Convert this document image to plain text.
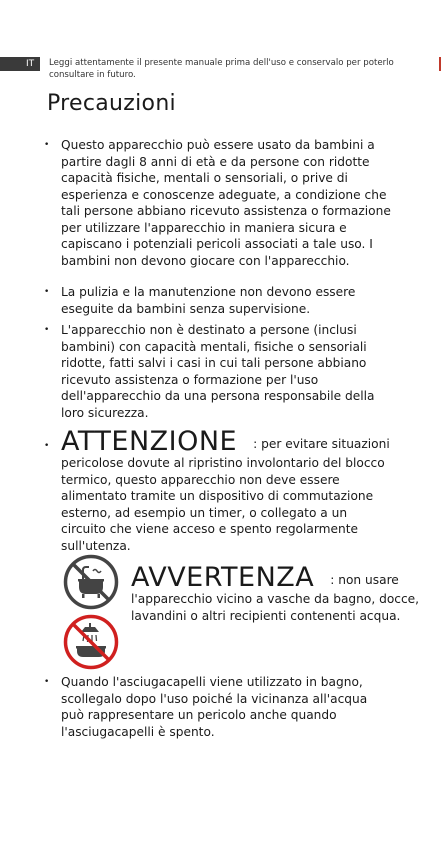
IT	Leggi attentamente il presente manuale prima dell'uso e conservalo per poterlo consultare in futuro.
Precauzioni
• Questo apparecchio può essere usato da bambini a partire dagli 8 anni di età e da persone con ridotte capacità fisiche, mentali o sensoriali, o prive di esperienza e conoscenze adeguate, a condizione che tali persone abbiano ricevuto assistenza o formazione per utilizzare l'apparecchio in maniera sicura e capiscano i potenziali pericoli associati a tale uso. I bambini non devono giocare con l'apparecchio.
• La pulizia e la manutenzione non devono essere eseguite da bambini senza supervisione.
• L'apparecchio non è destinato a persone (inclusi bambini) con capacità mentali, fisiche o sensoriali ridotte, fatti salvi i casi in cui tali persone abbiano ricevuto assistenza o formazione per l'uso dell'apparecchio da una persona responsabile della loro sicurezza.
• ATTENZIONE : per evitare situazioni pericolose dovute al ripristino involontario del blocco termico, questo apparecchio non deve essere alimentato tramite un dispositivo di commutazione esterno, ad esempio un timer, o collegato a un circuito che viene acceso e spento regolarmente sull'utenza.
AVVERTENZA : non usare l'apparecchio vicino a vasche da bagno, docce, lavandini o altri recipienti contenenti acqua.
• Quando l'asciugacapelli viene utilizzato in bagno, scollegalo dopo l'uso poiché la vicinanza all'acqua può rappresentare un pericolo anche quando l'asciugacapelli è spento.
